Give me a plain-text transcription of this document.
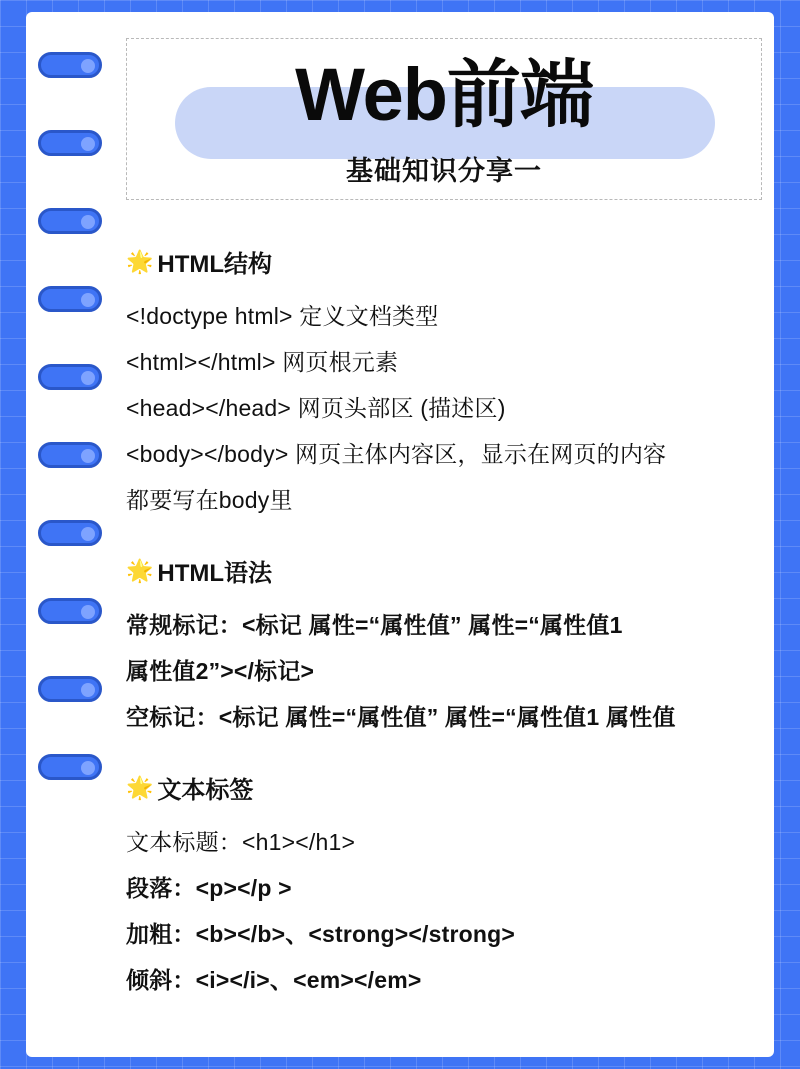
Web前端
基础知识分享一
🌟 HTML结构
<!doctype html> 定义文档类型
<html></html> 网页根元素
<head></head> 网页头部区 (描述区)
<body></body> 网页主体内容区，显示在网页的内容
都要写在body里
🌟 HTML语法
常规标记：<标记 属性=“属性值” 属性=“属性值1
属性值2”></标记>
空标记：<标记 属性=“属性值” 属性=“属性值1 属性值
🌟 文本标签
文本标题：<h1></h1>
段落：<p></p >
加粗：<b></b>、<strong></strong>
倾斜：<i></i>、<em></em>
